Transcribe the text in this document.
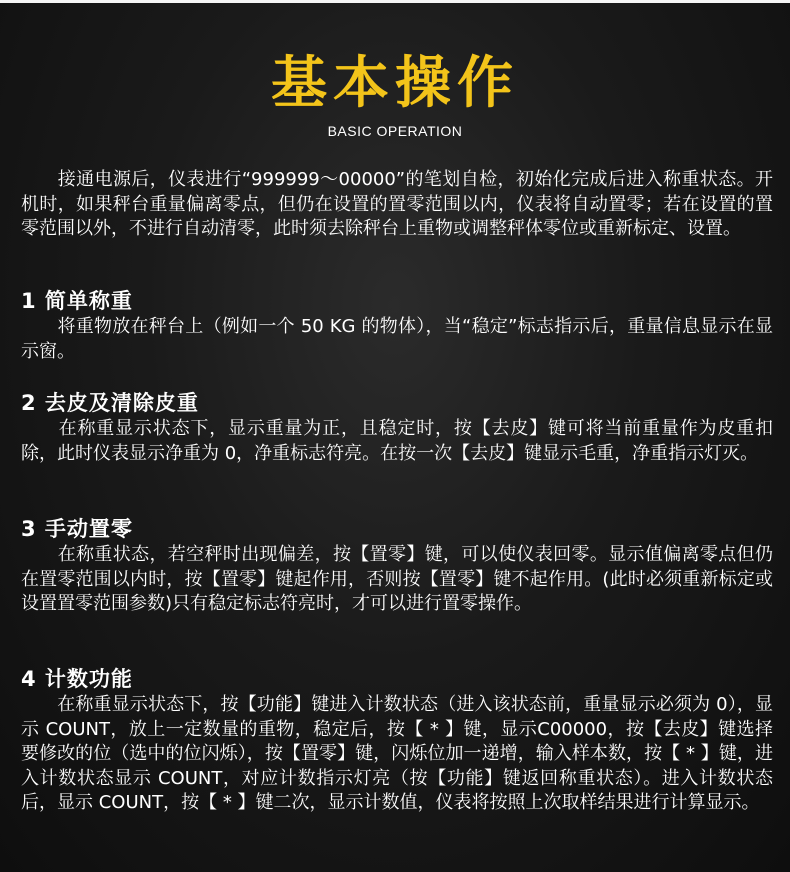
基本操作
BASIC OPERATION
　　接通电源后，仪表进行“999999～00000”的笔划自检，初始化完成后进入称重状态。开机时，如果秤台重量偏离零点，但仍在设置的置零范围以内，仪表将自动置零；若在设置的置零范围以外，不进行自动清零，此时须去除秤台上重物或调整秤体零位或重新标定、设置。
1 简单称重

　　将重物放在秤台上（例如一个 50 KG 的物体），当“稳定”标志指示后，重量信息显示在显示窗。

2 去皮及清除皮重

　　在称重显示状态下，显示重量为正，且稳定时，按【去皮】键可将当前重量作为皮重扣除，此时仪表显示净重为 0，净重标志符亮。在按一次【去皮】键显示毛重，净重指示灯灭。

3 手动置零

　　在称重状态，若空秤时出现偏差，按【置零】键，可以使仪表回零。显示值偏离零点但仍在置零范围以内时，按【置零】键起作用，否则按【置零】键不起作用。(此时必须重新标定或设置置零范围参数)只有稳定标志符亮时，才可以进行置零操作。

4 计数功能

　　在称重显示状态下，按【功能】键进入计数状态（进入该状态前，重量显示必须为 0），显示 COUNT，放上一定数量的重物，稳定后，按【 * 】键，显示C00000，按【去皮】键选择要修改的位（选中的位闪烁），按【置零】键，闪烁位加一递增，输入样本数，按【 * 】键，进入计数状态显示 COUNT，对应计数指示灯亮（按【功能】键返回称重状态）。进入计数状态后，显示 COUNT，按【 * 】键二次，显示计数值，仪表将按照上次取样结果进行计算显示。
